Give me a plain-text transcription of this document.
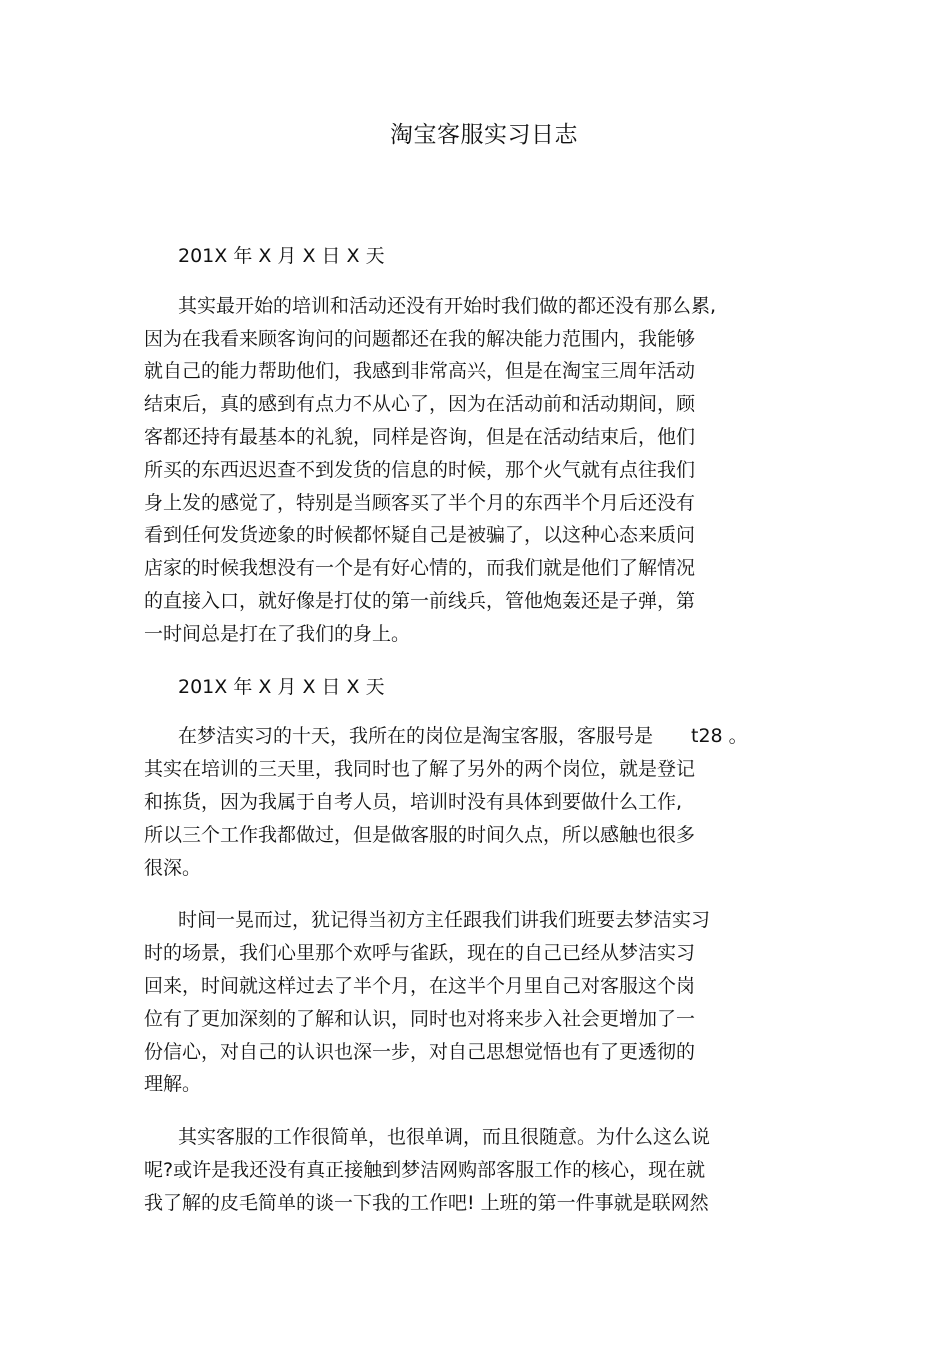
淘宝客服实习日志

201X 年 X 月 X 日 X 天

其实最开始的培训和活动还没有开始时我们做的都还没有那么累,

因为在我看来顾客询问的问题都还在我的解决能力范围内，我能够

就自己的能力帮助他们，我感到非常高兴，但是在淘宝三周年活动

结束后，真的感到有点力不从心了，因为在活动前和活动期间，顾

客都还持有最基本的礼貌，同样是咨询，但是在活动结束后，他们

所买的东西迟迟查不到发货的信息的时候，那个火气就有点往我们

身上发的感觉了，特别是当顾客买了半个月的东西半个月后还没有

看到任何发货迹象的时候都怀疑自己是被骗了，以这种心态来质问

店家的时候我想没有一个是有好心情的，而我们就是他们了解情况

的直接入口，就好像是打仗的第一前线兵，管他炮轰还是子弹，第

一时间总是打在了我们的身上。

201X 年 X 月 X 日 X 天

在梦洁实习的十天，我所在的岗位是淘宝客服，客服号是　　t28 。

其实在培训的三天里，我同时也了解了另外的两个岗位，就是登记

和拣货，因为我属于自考人员，培训时没有具体到要做什么工作,

所以三个工作我都做过，但是做客服的时间久点，所以感触也很多

很深。

时间一晃而过，犹记得当初方主任跟我们讲我们班要去梦洁实习

时的场景，我们心里那个欢呼与雀跃，现在的自己已经从梦洁实习

回来，时间就这样过去了半个月，在这半个月里自己对客服这个岗

位有了更加深刻的了解和认识，同时也对将来步入社会更增加了一

份信心，对自己的认识也深一步，对自己思想觉悟也有了更透彻的

理解。

其实客服的工作很简单，也很单调，而且很随意。为什么这么说

呢?或许是我还没有真正接触到梦洁网购部客服工作的核心，现在就

我了解的皮毛简单的谈一下我的工作吧! 上班的第一件事就是联网然
